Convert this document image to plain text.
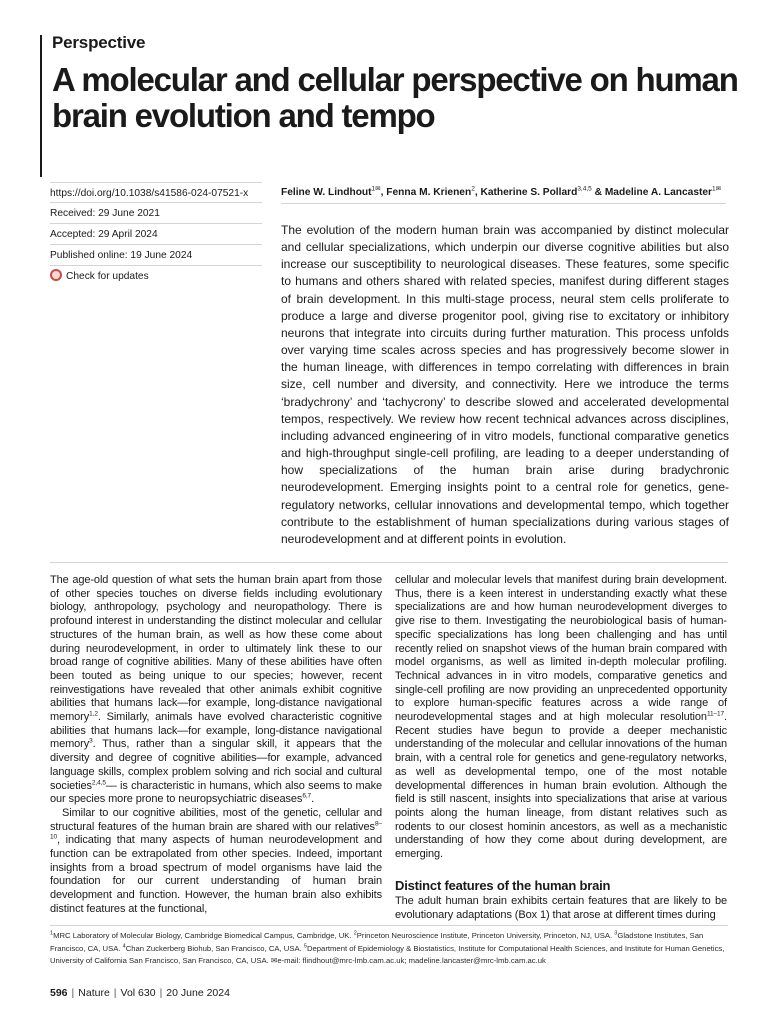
Perspective
A molecular and cellular perspective on human brain evolution and tempo
https://doi.org/10.1038/s41586-024-07521-x
Received: 29 June 2021
Accepted: 29 April 2024
Published online: 19 June 2024
Check for updates
Feline W. Lindhout$^{1✉}$, Fenna M. Krienen$^2$, Katherine S. Pollard$^{3,4,5}$ & Madeline A. Lancaster$^{1✉}$

The evolution of the modern human brain was accompanied by distinct molecular and cellular specializations, which underpin our diverse cognitive abilities but also increase our susceptibility to neurological diseases. These features, some specific to humans and others shared with related species, manifest during different stages of brain development. In this multi-stage process, neural stem cells proliferate to produce a large and diverse progenitor pool, giving rise to excitatory or inhibitory neurons that integrate into circuits during further maturation. This process unfolds over varying time scales across species and has progressively become slower in the human lineage, with differences in tempo correlating with differences in brain size, cell number and diversity, and connectivity. Here we introduce the terms ‘bradychrony’ and ‘tachycrony’ to describe slowed and accelerated developmental tempos, respectively. We review how recent technical advances across disciplines, including advanced engineering of in vitro models, functional comparative genetics and high-throughput single-cell profiling, are leading to a deeper understanding of how specializations of the human brain arise during bradychronic neurodevelopment. Emerging insights point to a central role for genetics, gene-regulatory networks, cellular innovations and developmental tempo, which together contribute to the establishment of human specializations during various stages of neurodevelopment and at different points in evolution.

The age-old question of what sets the human brain apart from those of other species touches on diverse fields including evolutionary biology, anthropology, psychology and neuropathology. There is profound interest in understanding the distinct molecular and cellular structures of the human brain, as well as how these come about during neurodevelopment, in order to ultimately link these to our broad range of cognitive abilities. Many of these abilities have often been touted as being unique to our species; however, recent reinvestigations have revealed that other animals exhibit cognitive abilities that humans lack—for example, long-distance navigational memory$^{1,2}$. Similarly, animals have evolved characteristic cognitive abilities that humans lack—for example, long-distance navigational memory$^3$. Thus, rather than a singular skill, it appears that the diversity and degree of cognitive abilities—for example, advanced language skills, complex problem solving and rich social and cultural societies$^{2,4,5}$— is characteristic in humans, which also seems to make our species more prone to neuropsychiatric diseases$^{6,7}$.

Similar to our cognitive abilities, most of the genetic, cellular and structural features of the human brain are shared with our relatives$^{8-10}$, indicating that many aspects of human neurodevelopment and function can be extrapolated from other species. Indeed, important insights from a broad spectrum of model organisms have laid the foundation for our current understanding of human brain development and function. However, the human brain also exhibits distinct features at the functional,

cellular and molecular levels that manifest during brain development. Thus, there is a keen interest in understanding exactly what these specializations are and how human neurodevelopment diverges to give rise to them. Investigating the neurobiological basis of human-specific specializations has long been challenging and has until recently relied on snapshot views of the human brain compared with model organisms, as well as limited in-depth molecular profiling. Technical advances in in vitro models, comparative genetics and single-cell profiling are now providing an unprecedented opportunity to explore human-specific features across a wide range of neurodevelopmental stages and at high molecular resolution$^{11-17}$. Recent studies have begun to provide a deeper mechanistic understanding of the molecular and cellular innovations of the human brain, with a central role for genetics and gene-regulatory networks, as well as developmental tempo, one of the most notable developmental differences in human brain evolution. Although the field is still nascent, insights into specializations that arise at various points along the human lineage, from distant relatives such as rodents to our closest hominin ancestors, as well as a mechanistic understanding of how they come about during development, are emerging.

Distinct features of the human brain

The adult human brain exhibits certain features that are likely to be evolutionary adaptations (Box 1) that arose at different times during

$^1$MRC Laboratory of Molecular Biology, Cambridge Biomedical Campus, Cambridge, UK. $^2$Princeton Neuroscience Institute, Princeton University, Princeton, NJ, USA. $^3$Gladstone Institutes, San Francisco, CA, USA. $^4$Chan Zuckerberg Biohub, San Francisco, CA, USA. $^5$Department of Epidemiology & Biostatistics, Institute for Computational Health Sciences, and Institute for Human Genetics, University of California San Francisco, San Francisco, CA, USA. ✉e-mail: flindhout@mrc-lmb.cam.ac.uk; madeline.lancaster@mrc-lmb.cam.ac.uk
596 | Nature | Vol 630 | 20 June 2024
